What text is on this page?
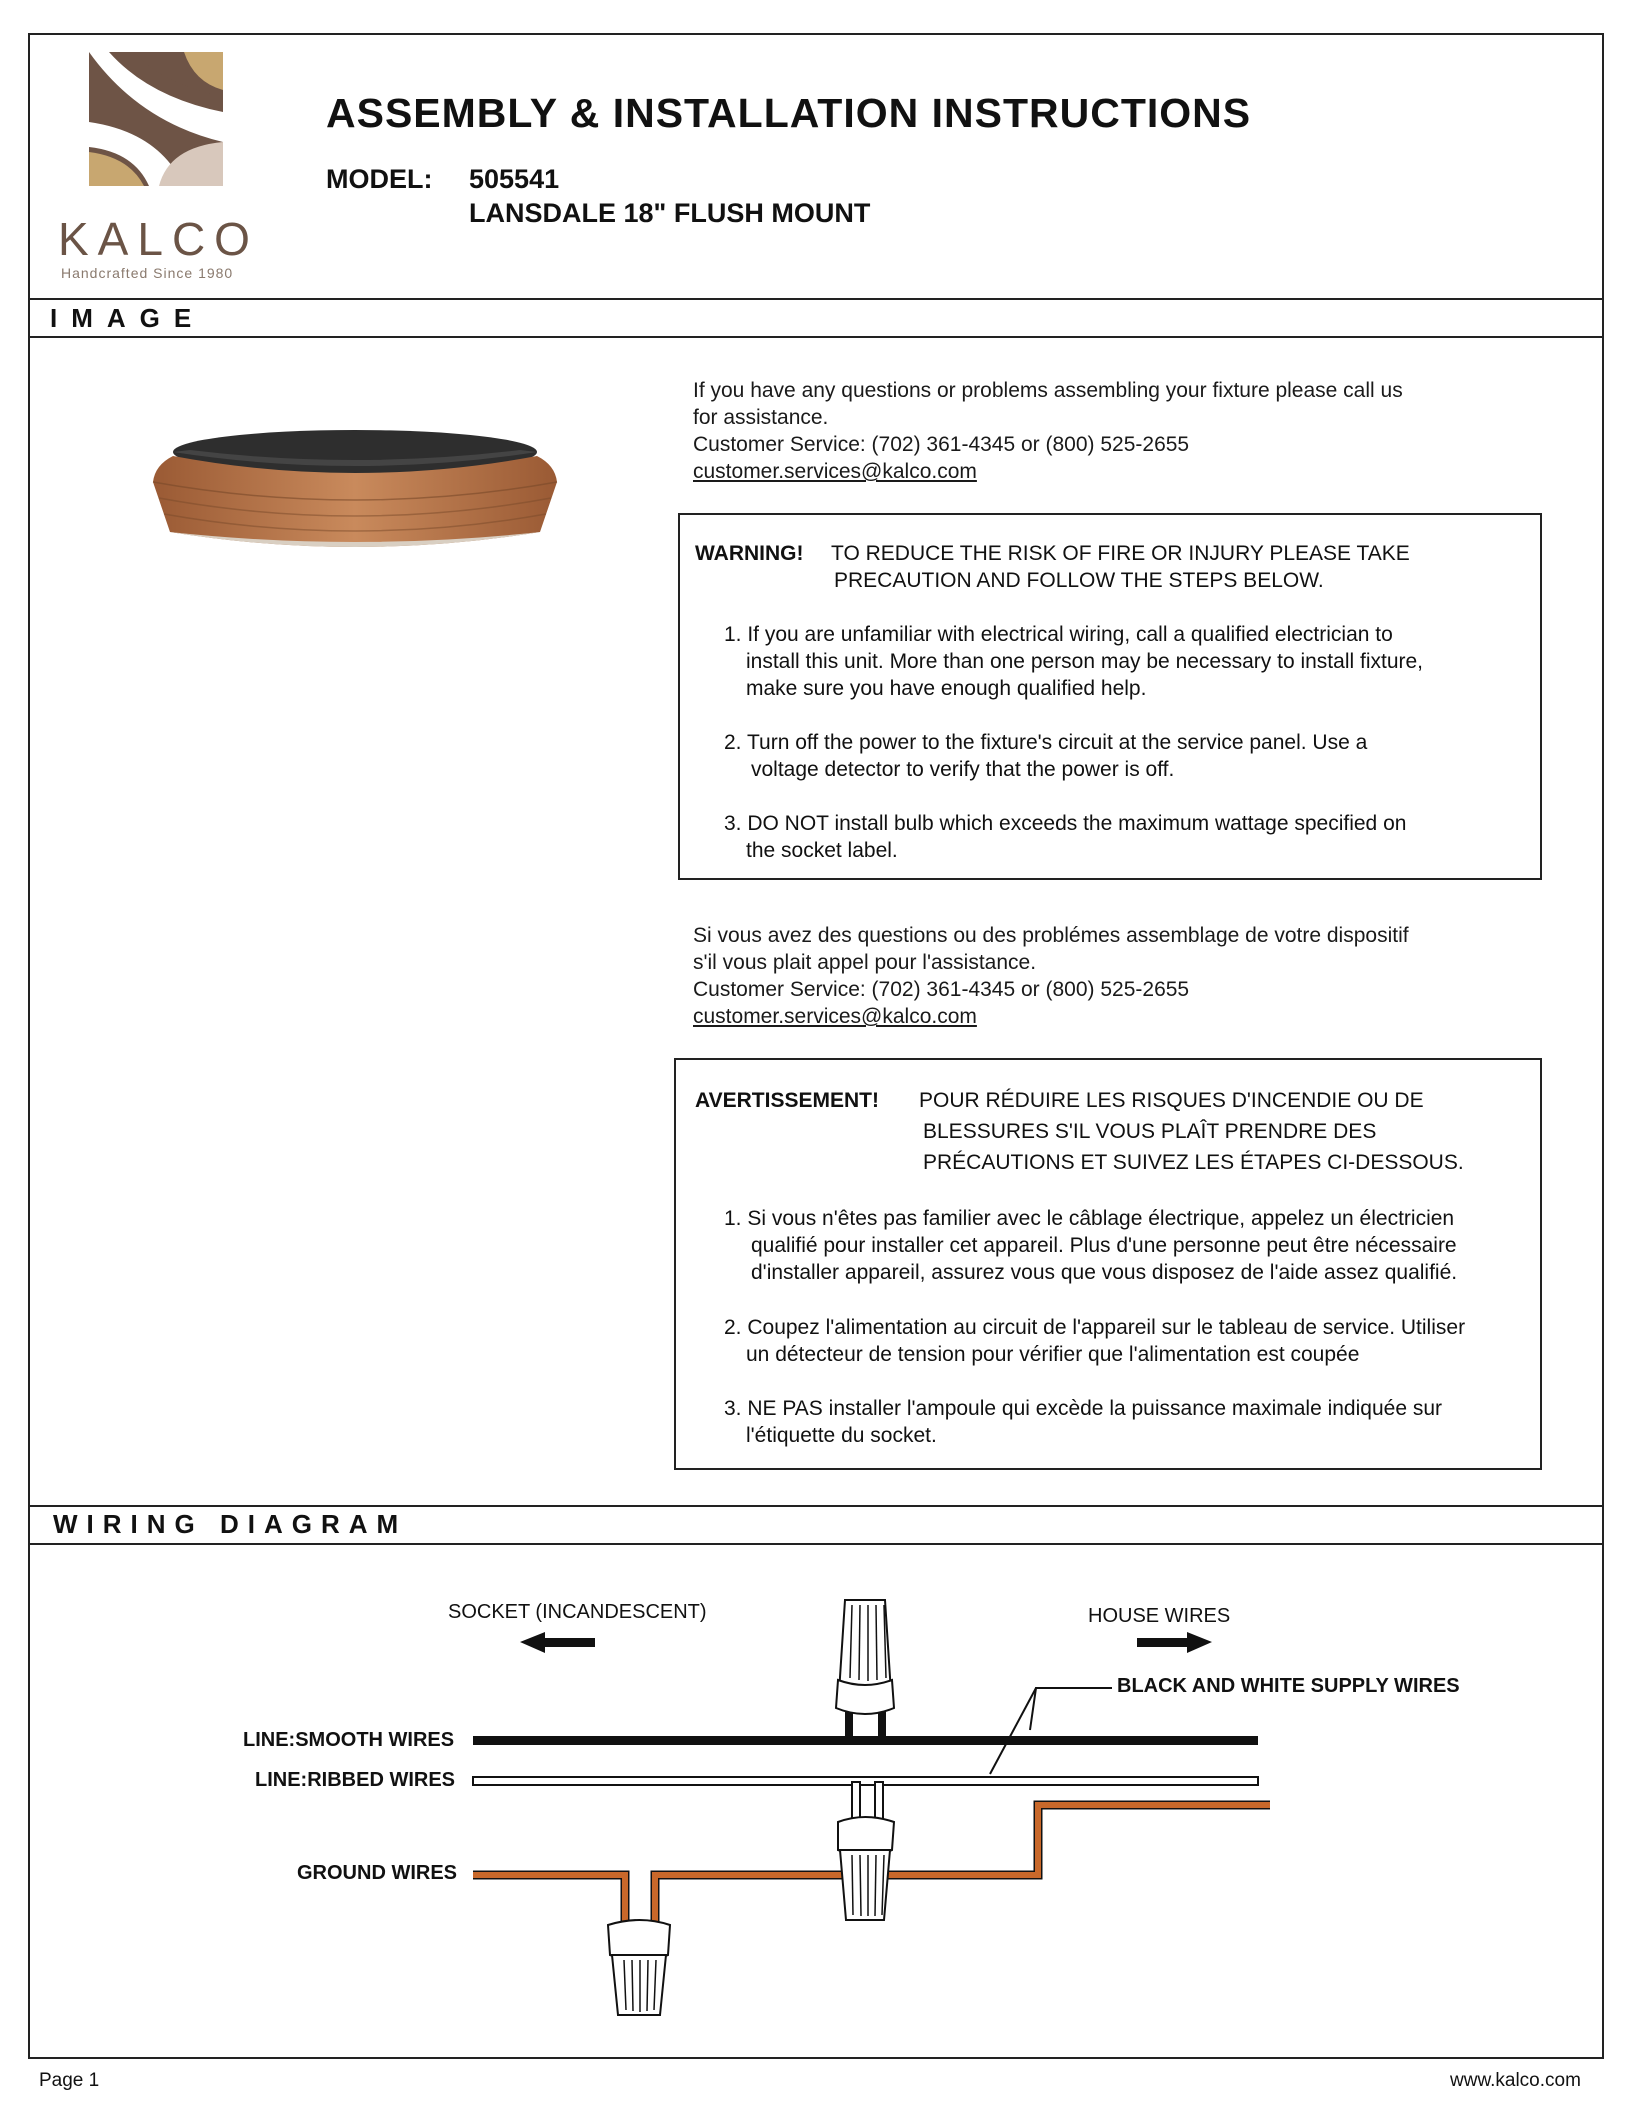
KALCO
Handcrafted Since 1980
ASSEMBLY & INSTALLATION INSTRUCTIONS
MODEL: 505541
LANSDALE 18" FLUSH MOUNT
IMAGE
If you have any questions or problems assembling your fixture please call us
for assistance.
Customer Service: (702) 361-4345 or (800) 525-2655
customer.services@kalco.com
WARNING! TO REDUCE THE RISK OF FIRE OR INJURY PLEASE TAKE
PRECAUTION AND FOLLOW THE STEPS BELOW.
1. If you are unfamiliar with electrical wiring, call a qualified electrician to
install this unit. More than one person may be necessary to install fixture,
make sure you have enough qualified help.
2. Turn off the power to the fixture's circuit at the service panel. Use a
voltage detector to verify that the power is off.
3. DO NOT install bulb which exceeds the maximum wattage specified on
the socket label.
Si vous avez des questions ou des problémes assemblage de votre dispositif
s'il vous plait appel pour l'assistance.
Customer Service: (702) 361-4345 or (800) 525-2655
customer.services@kalco.com
AVERTISSEMENT! POUR RÉDUIRE LES RISQUES D'INCENDIE OU DE
BLESSURES S'IL VOUS PLAÎT PRENDRE DES
PRÉCAUTIONS ET SUIVEZ LES ÉTAPES CI-DESSOUS.
1. Si vous n'êtes pas familier avec le câblage électrique, appelez un électricien
qualifié pour installer cet appareil. Plus d'une personne peut être nécessaire
d'installer appareil, assurez vous que vous disposez de l'aide assez qualifié.
2. Coupez l'alimentation au circuit de l'appareil sur le tableau de service. Utiliser
un détecteur de tension pour vérifier que l'alimentation est coupée
3. NE PAS installer l'ampoule qui excède la puissance maximale indiquée sur
l'étiquette du socket.
WIRING DIAGRAM
SOCKET (INCANDESCENT)	HOUSE WIRES
BLACK AND WHITE SUPPLY WIRES
LINE:SMOOTH WIRES
LINE:RIBBED WIRES
GROUND WIRES
Page 1	www.kalco.com
